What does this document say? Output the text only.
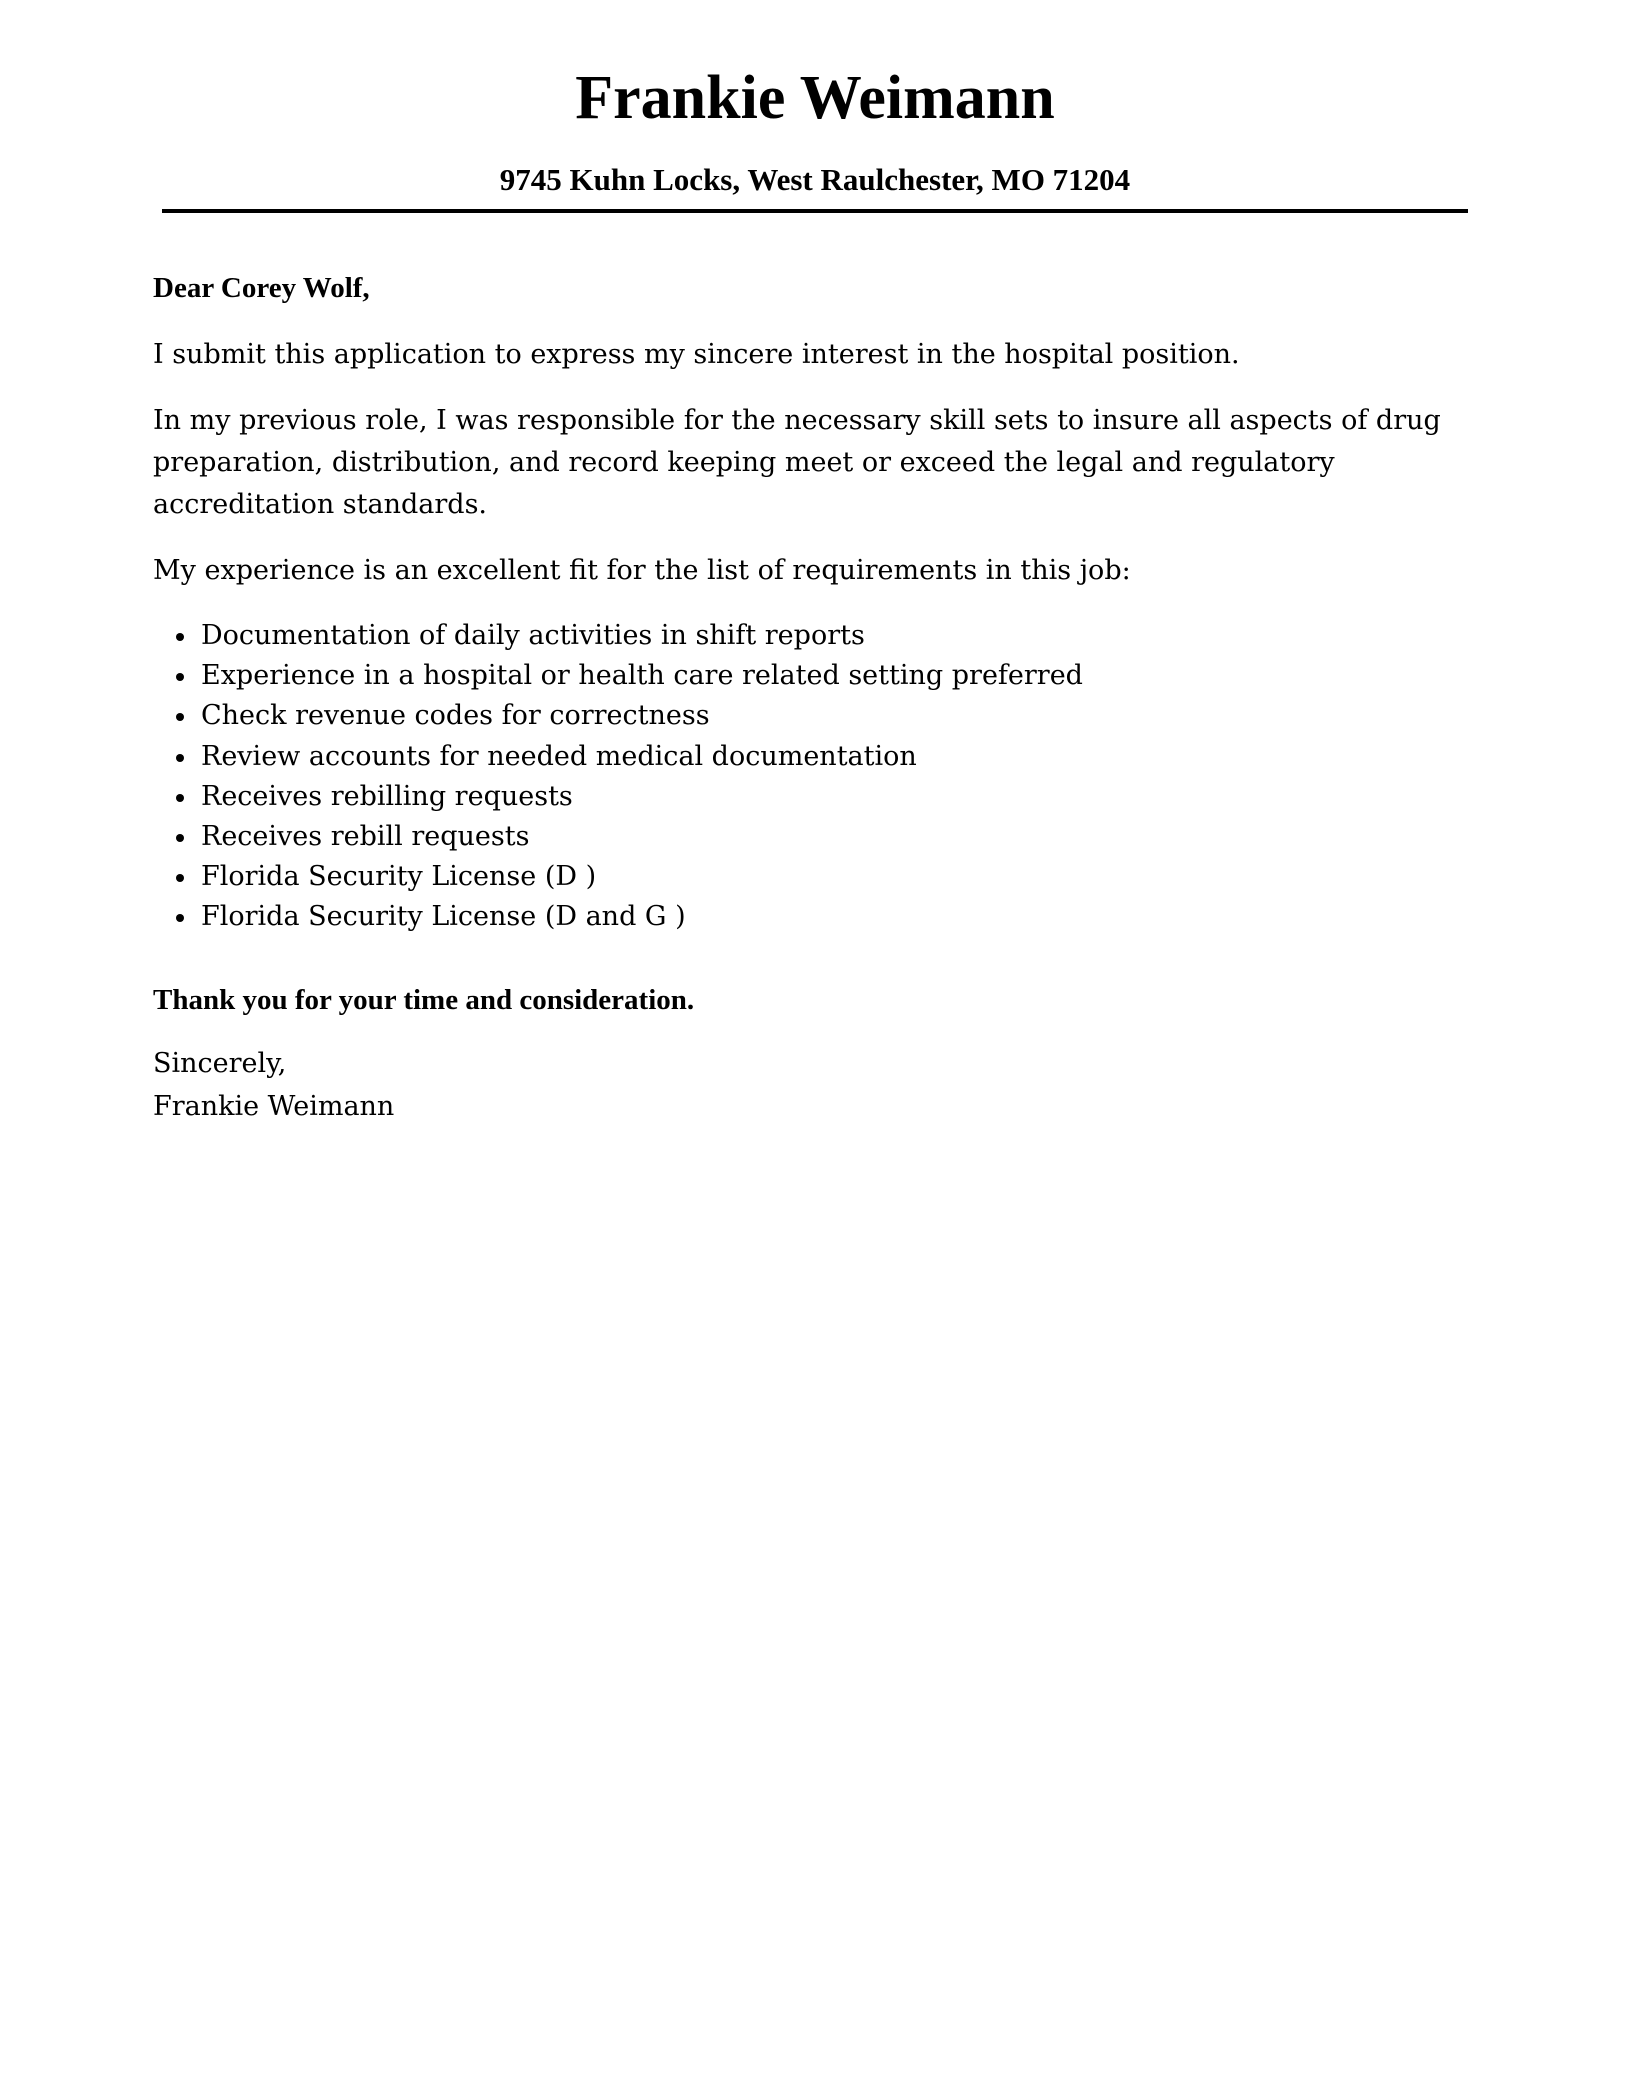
Frankie Weimann
9745 Kuhn Locks, West Raulchester, MO 71204

Dear Corey Wolf,

I submit this application to express my sincere interest in the hospital position.

In my previous role, I was responsible for the necessary skill sets to insure all aspects of drug preparation, distribution, and record keeping meet or exceed the legal and regulatory accreditation standards.

My experience is an excellent fit for the list of requirements in this job:

Documentation of daily activities in shift reports
Experience in a hospital or health care related setting preferred
Check revenue codes for correctness
Review accounts for needed medical documentation
Receives rebilling requests
Receives rebill requests
Florida Security License (D )
Florida Security License (D and G )

Thank you for your time and consideration.

Sincerely,

Frankie Weimann
